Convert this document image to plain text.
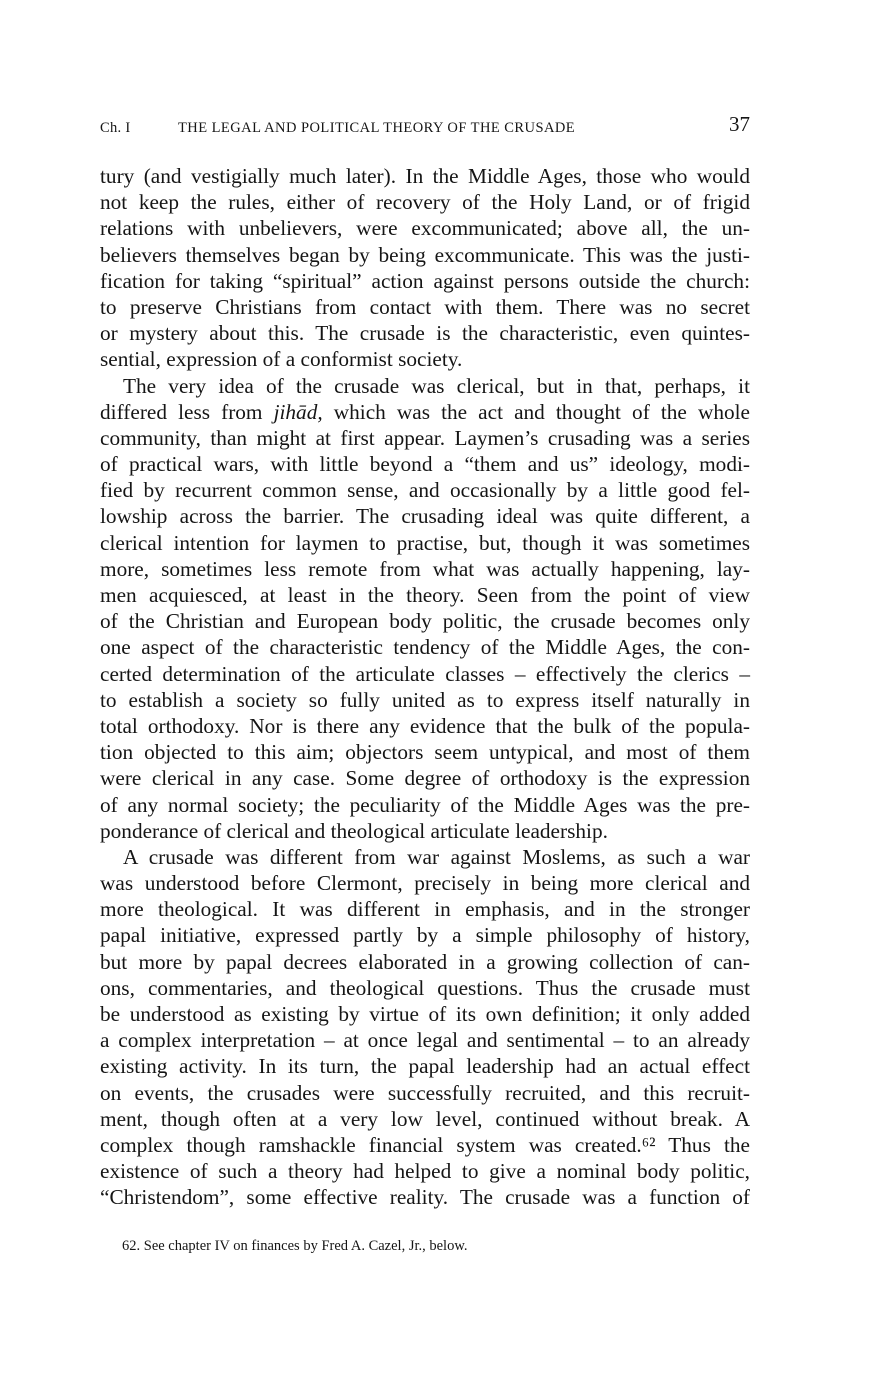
Ch. I	THE LEGAL AND POLITICAL THEORY OF THE CRUSADE	37
tury (and vestigially much later). In the Middle Ages, those who would
not keep the rules, either of recovery of the Holy Land, or of frigid
relations with unbelievers, were excommunicated; above all, the un-
believers themselves began by being excommunicate. This was the justi-
fication for taking “spiritual” action against persons outside the church:
to preserve Christians from contact with them. There was no secret
or mystery about this. The crusade is the characteristic, even quintes-
sential, expression of a conformist society.
The very idea of the crusade was clerical, but in that, perhaps, it
differed less from jihād, which was the act and thought of the whole
community, than might at first appear. Laymen’s crusading was a series
of practical wars, with little beyond a “them and us” ideology, modi-
fied by recurrent common sense, and occasionally by a little good fel-
lowship across the barrier. The crusading ideal was quite different, a
clerical intention for laymen to practise, but, though it was sometimes
more, sometimes less remote from what was actually happening, lay-
men acquiesced, at least in the theory. Seen from the point of view
of the Christian and European body politic, the crusade becomes only
one aspect of the characteristic tendency of the Middle Ages, the con-
certed determination of the articulate classes – effectively the clerics –
to establish a society so fully united as to express itself naturally in
total orthodoxy. Nor is there any evidence that the bulk of the popula-
tion objected to this aim; objectors seem untypical, and most of them
were clerical in any case. Some degree of orthodoxy is the expression
of any normal society; the peculiarity of the Middle Ages was the pre-
ponderance of clerical and theological articulate leadership.
A crusade was different from war against Moslems, as such a war
was understood before Clermont, precisely in being more clerical and
more theological. It was different in emphasis, and in the stronger
papal initiative, expressed partly by a simple philosophy of history,
but more by papal decrees elaborated in a growing collection of can-
ons, commentaries, and theological questions. Thus the crusade must
be understood as existing by virtue of its own definition; it only added
a complex interpretation – at once legal and sentimental – to an already
existing activity. In its turn, the papal leadership had an actual effect
on events, the crusades were successfully recruited, and this recruit-
ment, though often at a very low level, continued without break. A
complex though ramshackle financial system was created.⁶² Thus the
existence of such a theory had helped to give a nominal body politic,
“Christendom”, some effective reality. The crusade was a function of
62. See chapter IV on finances by Fred A. Cazel, Jr., below.
